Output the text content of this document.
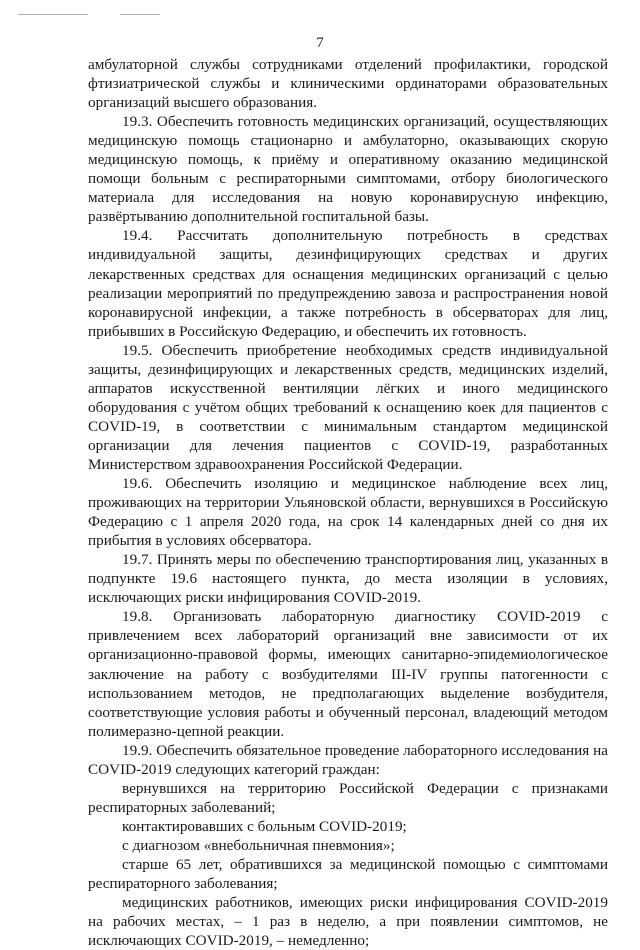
7

амбулаторной службы сотрудниками отделений профилактики, городской фтизиатрической службы и клиническими ординаторами образовательных организаций высшего образования.

19.3. Обеспечить готовность медицинских организаций, осуществляющих медицинскую помощь стационарно и амбулаторно, оказывающих скорую медицинскую помощь, к приёму и оперативному оказанию медицинской помощи больным с респираторными симптомами, отбору биологического материала для исследования на новую коронавирусную инфекцию, развёртыванию дополнительной госпитальной базы.

19.4. Рассчитать дополнительную потребность в средствах индивидуальной защиты, дезинфицирующих средствах и других лекарственных средствах для оснащения медицинских организаций с целью реализации мероприятий по предупреждению завоза и распространения новой коронавирусной инфекции, а также потребность в обсерваторах для лиц, прибывших в Российскую Федерацию, и обеспечить их готовность.

19.5. Обеспечить приобретение необходимых средств индивидуальной защиты, дезинфицирующих и лекарственных средств, медицинских изделий, аппаратов искусственной вентиляции лёгких и иного медицинского оборудования с учётом общих требований к оснащению коек для пациентов с COVID-19, в соответствии с минимальным стандартом медицинской организации для лечения пациентов с COVID-19, разработанных Министерством здравоохранения Российской Федерации.

19.6. Обеспечить изоляцию и медицинское наблюдение всех лиц, проживающих на территории Ульяновской области, вернувшихся в Российскую Федерацию с 1 апреля 2020 года, на срок 14 календарных дней со дня их прибытия в условиях обсерватора.

19.7. Принять меры по обеспечению транспортирования лиц, указанных в подпункте 19.6 настоящего пункта, до места изоляции в условиях, исключающих риски инфицирования COVID-2019.

19.8. Организовать лабораторную диагностику COVID-2019 с привлечением всех лабораторий организаций вне зависимости от их организационно-правовой формы, имеющих санитарно-эпидемиологическое заключение на работу с возбудителями III-IV группы патогенности с использованием методов, не предполагающих выделение возбудителя, соответствующие условия работы и обученный персонал, владеющий методом полимеразно-цепной реакции.

19.9. Обеспечить обязательное проведение лабораторного исследования на COVID-2019 следующих категорий граждан:

вернувшихся на территорию Российской Федерации с признаками респираторных заболеваний;

контактировавших с больным COVID-2019;

с диагнозом «внебольничная пневмония»;

старше 65 лет, обратившихся за медицинской помощью с симптомами респираторного заболевания;

медицинских работников, имеющих риски инфицирования COVID-2019 на рабочих местах, – 1 раз в неделю, а при появлении симптомов, не исключающих COVID-2019, – немедленно;
